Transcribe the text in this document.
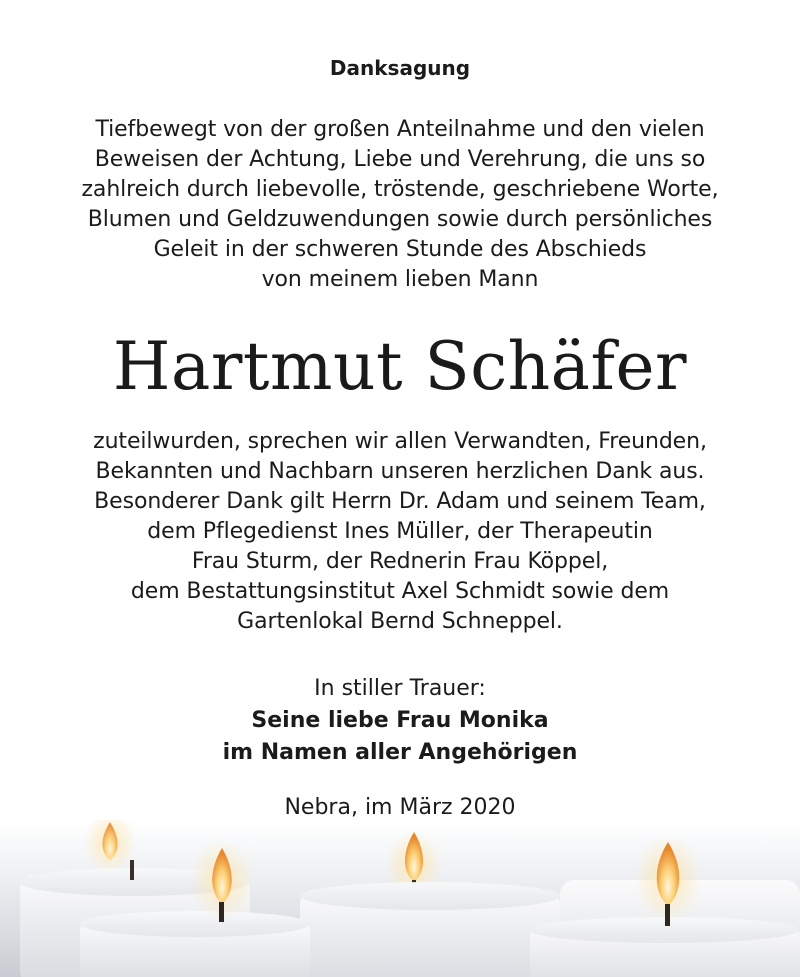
Danksagung
Tiefbewegt von der großen Anteilnahme und den vielen
Beweisen der Achtung, Liebe und Verehrung, die uns so
zahlreich durch liebevolle, tröstende, geschriebene Worte,
Blumen und Geldzuwendungen sowie durch persönliches
Geleit in der schweren Stunde des Abschieds
von meinem lieben Mann
Hartmut Schäfer
zuteilwurden, sprechen wir allen Verwandten, Freunden,
Bekannten und Nachbarn unseren herzlichen Dank aus.
Besonderer Dank gilt Herrn Dr. Adam und seinem Team,
dem Pflegedienst Ines Müller, der Therapeutin
Frau Sturm, der Rednerin Frau Köppel,
dem Bestattungsinstitut Axel Schmidt sowie dem
Gartenlokal Bernd Schneppel.
In stiller Trauer:
Seine liebe Frau Monika
im Namen aller Angehörigen
Nebra, im März 2020
